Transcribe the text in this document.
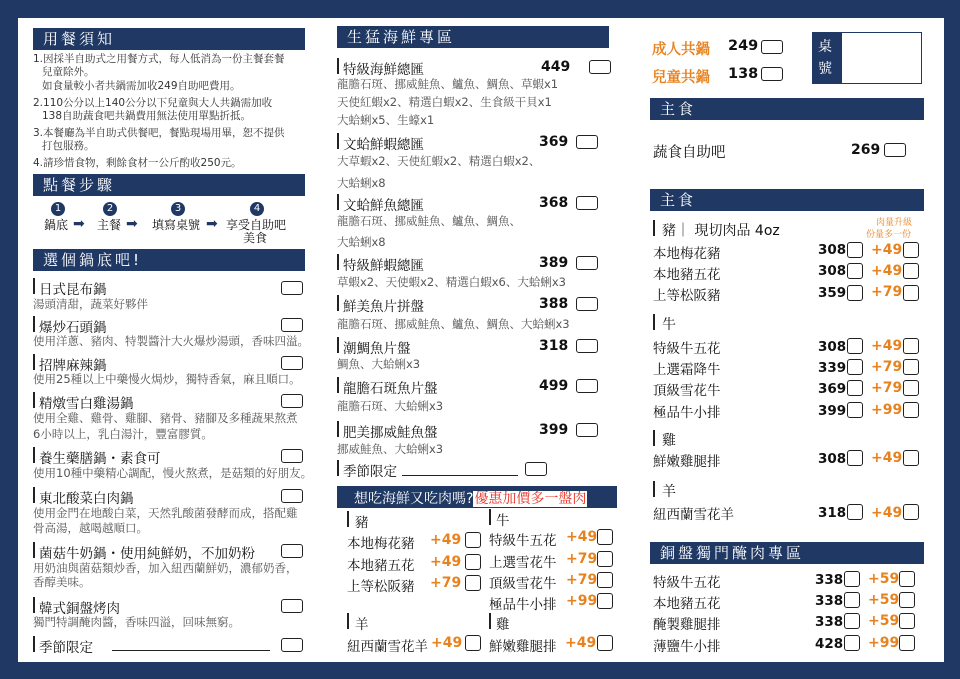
用餐須知
1.因採半自助式之用餐方式，每人低消為一份主餐套餐
兒童除外。
如食量較小者共鍋需加收249自助吧費用。
2.110公分以上140公分以下兒童與大人共鍋需加收
138自助蔬食吧共鍋費用無法使用單點折抵。
3.本餐廳為半自助式供餐吧，餐點現場用畢，恕不提供
打包服務。
4.請珍惜食物，剩餘食材一公斤酌收250元。
點餐步驟
1
鍋底 ➡
2
主餐 ➡
3
填寫桌號 ➡
4
享受自助吧
美食
選個鍋底吧!
日式昆布鍋
湯頭清甜，蔬菜好夥伴
爆炒石頭鍋
使用洋蔥、豬肉、特製醬汁大火爆炒湯頭，香味四溢。
招牌麻辣鍋
使用25種以上中藥慢火焗炒，獨特香氣，麻且順口。
精燉雪白雞湯鍋
使用全雞、雞骨、雞腳、豬骨、豬腳及多種蔬果熬煮
6小時以上，乳白湯汁，豐富膠質。
養生藥膳鍋・素食可
使用10種中藥精心調配，慢火熬煮，是菇類的好朋友。
東北酸菜白肉鍋
使用金門在地酸白菜，天然乳酸菌發酵而成，搭配雞
骨高湯，越喝越順口。
菌菇牛奶鍋・使用純鮮奶，不加奶粉
用奶油與菌菇類炒香，加入紐西蘭鮮奶，濃郁奶香，
香醇美味。
韓式銅盤烤肉
獨門特調醃肉醬，香味四溢，回味無窮。
季節限定
生猛海鮮專區
特級海鮮總匯	449
龍膽石斑、挪威鮭魚、鱸魚、鯛魚、草蝦x1
天使紅蝦x2、精選白蝦x2、生食級干貝x1
大蛤蜊x5、生蠔x1
文蛤鮮蝦總匯	369
大草蝦x2、天使紅蝦x2、精選白蝦x2、
大蛤蜊x8
文蛤鮮魚總匯	368
龍膽石斑、挪威鮭魚、鱸魚、鯛魚、
大蛤蜊x8
特級鮮蝦總匯	389
草蝦x2、天使蝦x2、精選白蝦x6、大蛤蜊x3
鮮美魚片拼盤	388
龍膽石斑、挪威鮭魚、鱸魚、鯛魚、大蛤蜊x3
潮鯛魚片盤	318
鯛魚、大蛤蜊x3
龍膽石斑魚片盤	499
龍膽石斑、大蛤蜊x3
肥美挪威鮭魚盤	399
挪威鮭魚、大蛤蜊x3
季節限定
想吃海鮮又吃肉嗎?優惠加價多一盤肉
豬
本地梅花豬 +49
本地豬五花 +49
上等松阪豬 +79
牛
特級牛五花 +49
上選雪花牛 +79
頂級雪花牛 +79
極品牛小排 +99
羊
紐西蘭雪花羊 +49
雞
鮮嫩雞腿排 +49
成人共鍋 249
兒童共鍋 138
桌號
主食
蔬食自助吧	269
主食
肉量升級
份量多一份
豬｜ 現切肉品 4oz
本地梅花豬	308 +49
本地豬五花	308 +49
上等松阪豬	359 +79
牛
特級牛五花	308 +49
上選霜降牛	339 +79
頂級雪花牛	369 +79
極品牛小排	399 +99
雞
鮮嫩雞腿排	308 +49
羊
紐西蘭雪花羊	318 +49
銅盤獨門醃肉專區
特級牛五花	338 +59
本地豬五花	338 +59
醃製雞腿排	338 +59
薄鹽牛小排	428 +99
